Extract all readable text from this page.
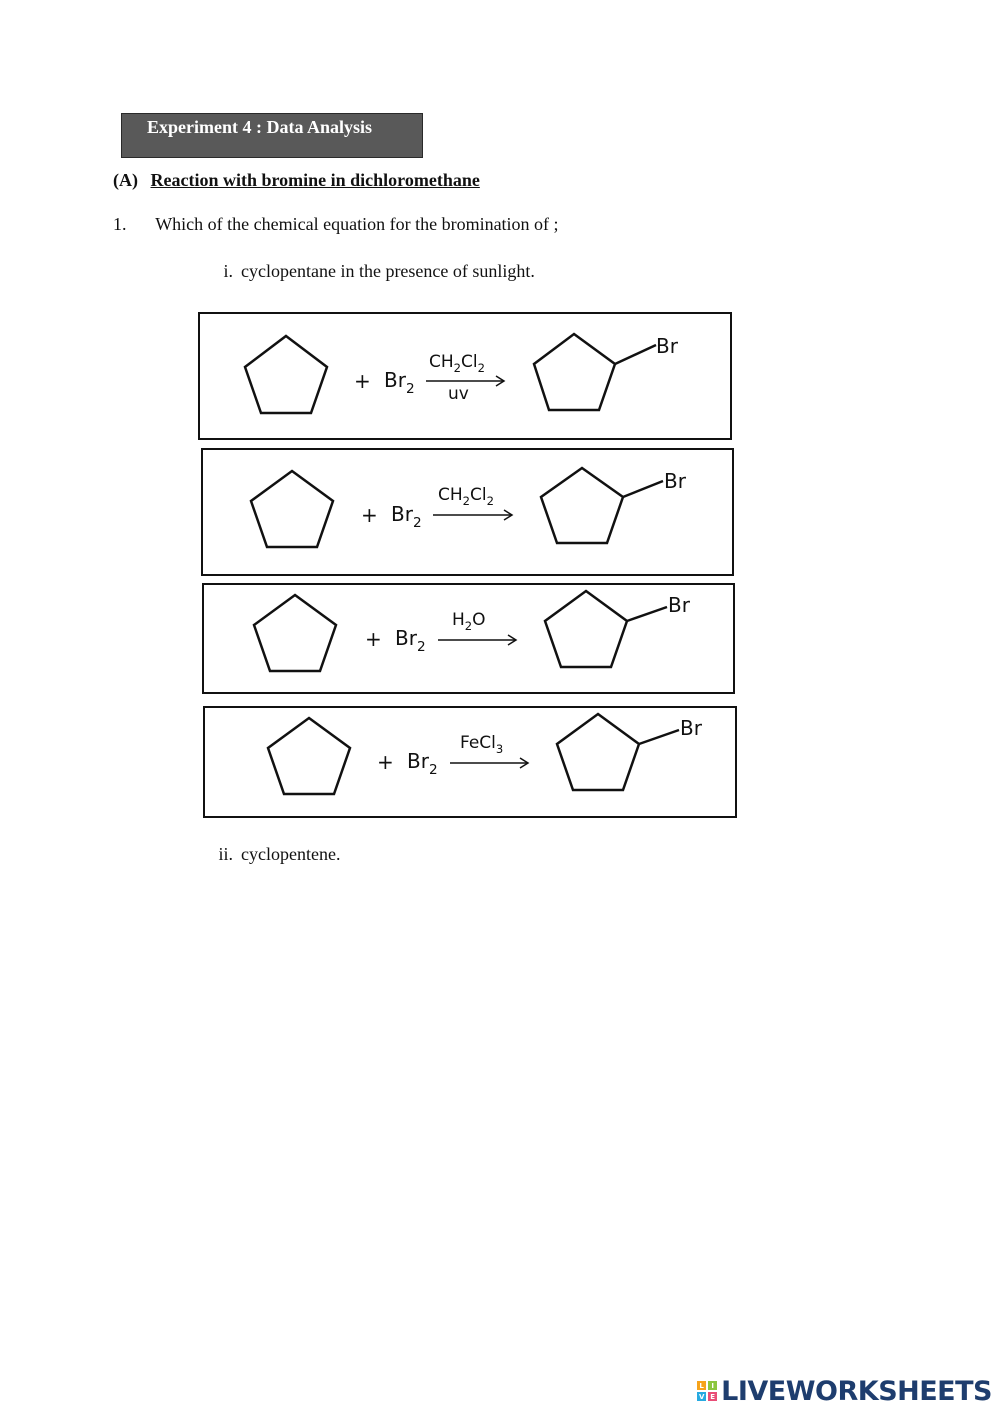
Experiment 4 : Data Analysis
(A) Reaction with bromine in dichloromethane
1. Which of the chemical equation for the bromination of ;
i. cyclopentane in the presence of sunlight.
+ $Br_2$
$CH_2Cl_2$
uv
Br
+ $Br_2$
$CH_2Cl_2$
Br
+ $Br_2$
$H_2O$
Br
+ $Br_2$
FeCl$_3$
Br
ii. cyclopentene.
L	I
V E LIVEWORKSHEETS
